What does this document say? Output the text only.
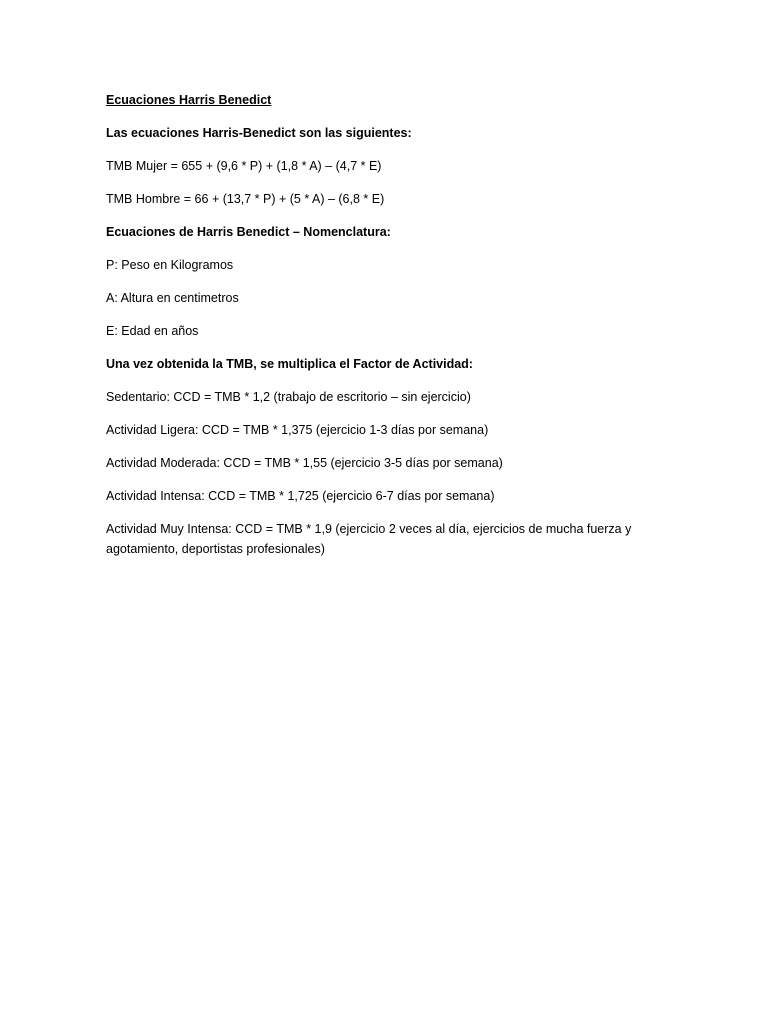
Ecuaciones Harris Benedict

Las ecuaciones Harris-Benedict son las siguientes:

TMB Mujer = 655 + (9,6 * P) + (1,8 * A) – (4,7 * E)

TMB Hombre = 66 + (13,7 * P) + (5 * A) – (6,8 * E)

Ecuaciones de Harris Benedict – Nomenclatura:

P: Peso en Kilogramos

A: Altura en centimetros

E: Edad en años

Una vez obtenida la TMB, se multiplica el Factor de Actividad:

Sedentario: CCD = TMB * 1,2 (trabajo de escritorio – sin ejercicio)

Actividad Ligera: CCD = TMB * 1,375 (ejercicio 1-3 días por semana)

Actividad Moderada: CCD = TMB * 1,55 (ejercicio 3-5 días por semana)

Actividad Intensa: CCD = TMB * 1,725 (ejercicio 6-7 días por semana)

Actividad Muy Intensa: CCD = TMB * 1,9 (ejercicio 2 veces al día, ejercicios de mucha fuerza y agotamiento, deportistas profesionales)
